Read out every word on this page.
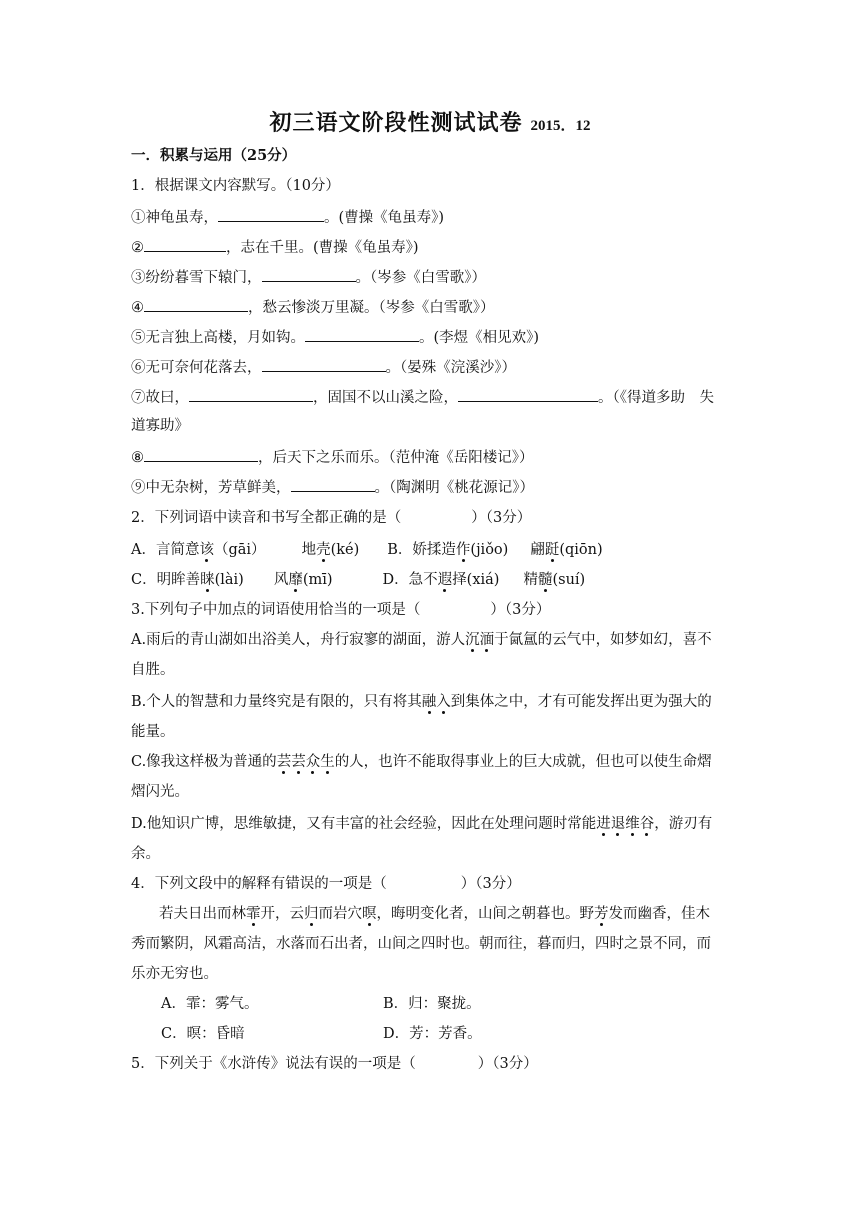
初三语文阶段性测试试卷 2015．12
一．积累与运用（25分）
1．根据课文内容默写。（10分）
①神龟虽寿，	。(曹操《龟虽寿》)
②	，志在千里。(曹操《龟虽寿》)
③纷纷暮雪下辕门，	。（岑参《白雪歌》）
④	，愁云惨淡万里凝。（岑参《白雪歌》）
⑤无言独上高楼，月如钩。	。(李煜《相见欢》)
⑥无可奈何花落去，	。（晏殊《浣溪沙》）
⑦故曰，	，固国不以山溪之险，	。（《得道多助　失
道寡助》
⑧	，后天下之乐而乐。（范仲淹《岳阳楼记》）
⑨中无杂树，芳草鲜美，	。（陶渊明《桃花源记》）
2．下列词语中读音和书写全都正确的是（	）（3分）
A．言简意该（gāi） 地壳(ké) B．娇揉造作(jiǒo) 翩跹(qiōn)
C．明眸善睐(lài) 风靡(mī)	D．急不遐择(xiá) 精髓(suí)
3.下列句子中加点的词语使用恰当的一项是（	）（3分）
A.雨后的青山湖如出浴美人，舟行寂寥的湖面，游人沉湎于氤氲的云气中，如梦如幻，喜不
自胜。
B.个人的智慧和力量终究是有限的，只有将其融入到集体之中，才有可能发挥出更为强大的
能量。
C.像我这样极为普通的芸芸众生的人，也许不能取得事业上的巨大成就，但也可以使生命熠
熠闪光。
D.他知识广博，思维敏捷，又有丰富的社会经验，因此在处理问题时常能进退维谷，游刃有
余。
4．下列文段中的解释有错误的一项是（	）（3分）
若夫日出而林霏开，云归而岩穴暝，晦明变化者，山间之朝暮也。野芳发而幽香，佳木
秀而繁阴，风霜高洁，水落而石出者，山间之四时也。朝而往，暮而归，四时之景不同，而
乐亦无穷也。
A．霏：雾气。	B．归：聚拢。
C．暝：昏暗	D．芳：芳香。
5．下列关于《水浒传》说法有误的一项是（	）（3分）
